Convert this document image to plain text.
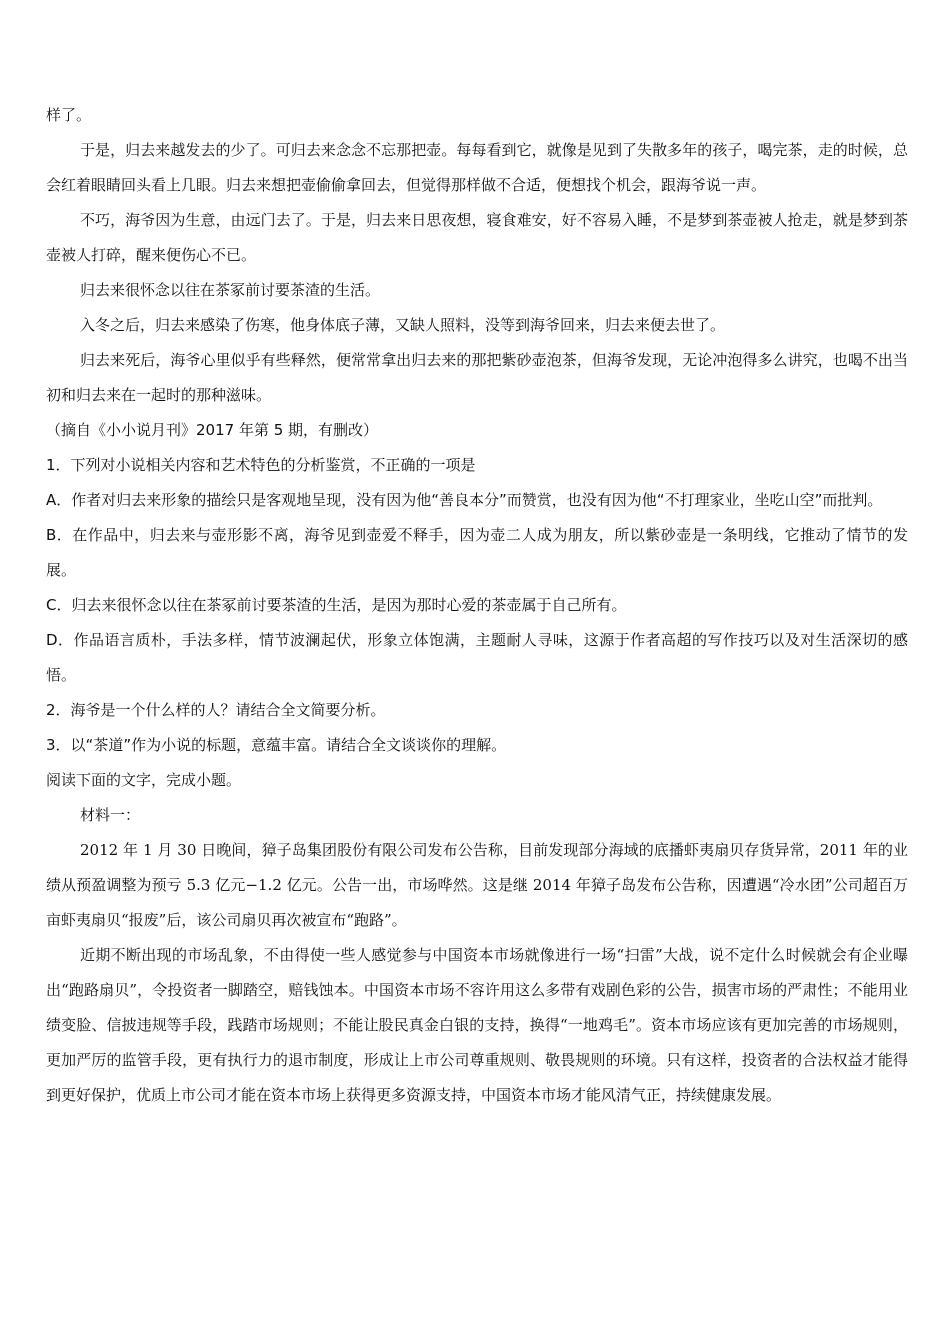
样了。

于是，归去来越发去的少了。可归去来念念不忘那把壶。每每看到它，就像是见到了失散多年的孩子，喝完茶，走的时候，总会红着眼睛回头看上几眼。归去来想把壶偷偷拿回去，但觉得那样做不合适，便想找个机会，跟海爷说一声。

不巧，海爷因为生意，由远门去了。于是，归去来日思夜想，寝食难安，好不容易入睡，不是梦到茶壶被人抢走，就是梦到茶壶被人打碎，醒来便伤心不已。

归去来很怀念以往在茶冢前讨要茶渣的生活。

入冬之后，归去来感染了伤寒，他身体底子薄，又缺人照料，没等到海爷回来，归去来便去世了。

归去来死后，海爷心里似乎有些释然，便常常拿出归去来的那把紫砂壶泡茶，但海爷发现，无论冲泡得多么讲究，也喝不出当初和归去来在一起时的那种滋味。

（摘自《小小说月刊》2017 年第 5 期，有删改）

1．下列对小说相关内容和艺术特色的分析鉴赏，不正确的一项是

A．作者对归去来形象的描绘只是客观地呈现，没有因为他“善良本分”而赞赏，也没有因为他“不打理家业，坐吃山空”而批判。

B．在作品中，归去来与壶形影不离，海爷见到壶爱不释手，因为壶二人成为朋友，所以紫砂壶是一条明线，它推动了情节的发展。

C．归去来很怀念以往在茶冢前讨要茶渣的生活，是因为那时心爱的茶壶属于自己所有。

D．作品语言质朴，手法多样，情节波澜起伏，形象立体饱满，主题耐人寻味，这源于作者高超的写作技巧以及对生活深切的感悟。

2．海爷是一个什么样的人？请结合全文简要分析。

3．以“茶道”作为小说的标题，意蕴丰富。请结合全文谈谈你的理解。

阅读下面的文字，完成小题。

材料一：

2012 年 1 月 30 日晚间，獐子岛集团股份有限公司发布公告称，目前发现部分海域的底播虾夷扇贝存货异常，2011 年的业绩从预盈调整为预亏 5.3 亿元−1.2 亿元。公告一出，市场哗然。这是继 2014 年獐子岛发布公告称，因遭遇“冷水团”公司超百万亩虾夷扇贝“报废”后，该公司扇贝再次被宣布“跑路”。

近期不断出现的市场乱象，不由得使一些人感觉参与中国资本市场就像进行一场“扫雷”大战，说不定什么时候就会有企业曝出“跑路扇贝”，令投资者一脚踏空，赔钱蚀本。中国资本市场不容许用这么多带有戏剧色彩的公告，损害市场的严肃性；不能用业绩变脸、信披违规等手段，践踏市场规则；不能让股民真金白银的支持，换得“一地鸡毛”。资本市场应该有更加完善的市场规则，更加严厉的监管手段，更有执行力的退市制度，形成让上市公司尊重规则、敬畏规则的环境。只有这样，投资者的合法权益才能得到更好保护，优质上市公司才能在资本市场上获得更多资源支持，中国资本市场才能风清气正，持续健康发展。
